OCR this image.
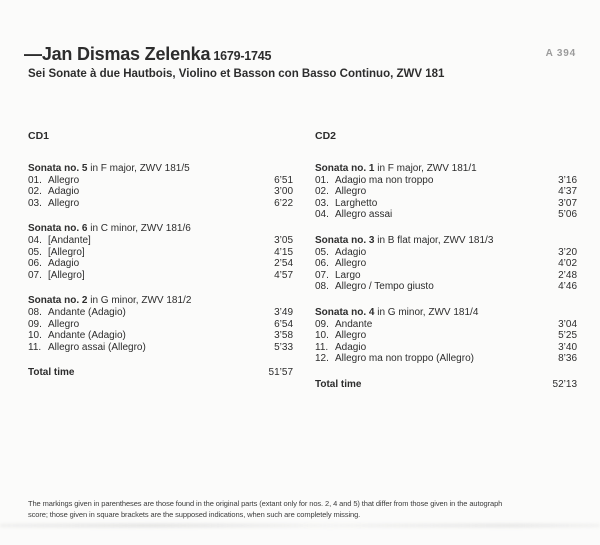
A 394
—Jan Dismas Zelenka 1679-1745
Sei Sonate à due Hautbois, Violino et Basson con Basso Continuo, ZWV 181
CD1
Sonata no. 5 in F major, ZWV 181/5
01. Allegro	6’51
02. Adagio	3’00
03. Allegro	6’22
Sonata no. 6 in C minor, ZWV 181/6
04. [Andante]	3’05
05. [Allegro]	4’15
06. Adagio	2’54
07. [Allegro]	4’57
Sonata no. 2 in G minor, ZWV 181/2
08. Andante (Adagio)	3’49
09. Allegro	6’54
10. Andante (Adagio)	3’58
11. Allegro assai (Allegro)	5’33
Total time	51’57
CD2
Sonata no. 1 in F major, ZWV 181/1
01. Adagio ma non troppo	3’16
02. Allegro	4’37
03. Larghetto	3’07
04. Allegro assai	5’06
Sonata no. 3 in B flat major, ZWV 181/3
05. Adagio	3’20
06. Allegro	4’02
07. Largo	2’48
08. Allegro / Tempo giusto	4’46
Sonata no. 4 in G minor, ZWV 181/4
09. Andante	3’04
10. Allegro	5’25
11. Adagio	3’40
12. Allegro ma non troppo (Allegro)	8’36
Total time	52’13
The markings given in parentheses are those found in the original parts (extant only for nos. 2, 4 and 5) that differ from those given in the autograph
score; those given in square brackets are the supposed indications, when such are completely missing.
